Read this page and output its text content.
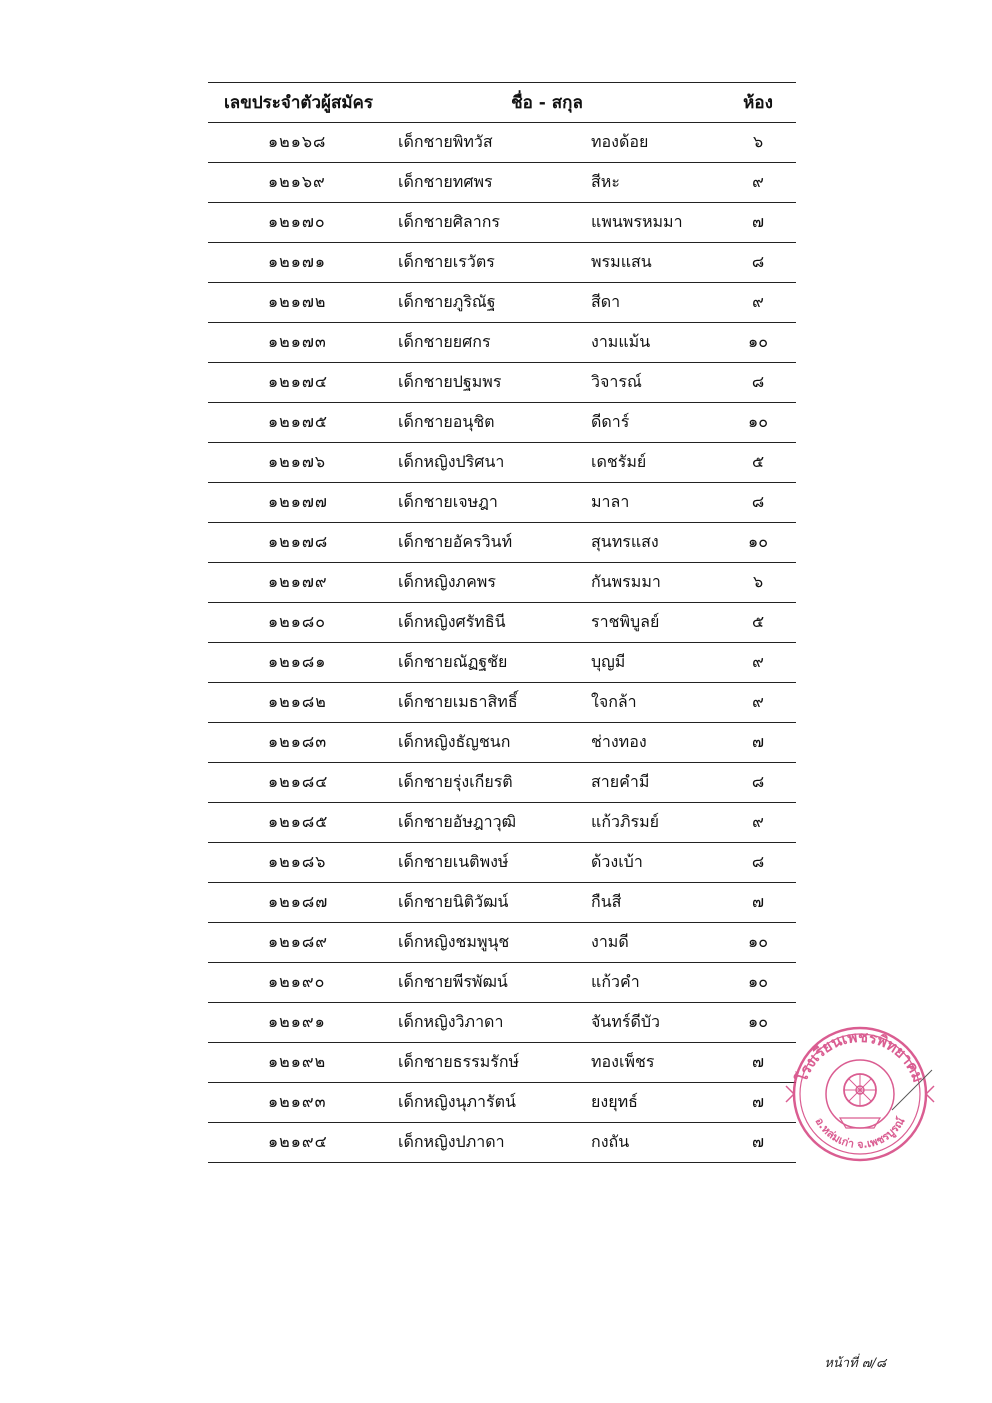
เลขประจำตัวผู้สมัคร	ชื่อ - สกุล		ห้อง
๑๒๑๖๘	เด็กชายพิทวัส	ทองด้อย	๖
๑๒๑๖๙	เด็กชายทศพร	สีหะ	๙
๑๒๑๗๐	เด็กชายศิลากร	แพนพรหมมา	๗
๑๒๑๗๑	เด็กชายเรวัตร	พรมแสน	๘
๑๒๑๗๒	เด็กชายภูริณัฐ	สีดา	๙
๑๒๑๗๓	เด็กชายยศกร	งามแม้น	๑๐
๑๒๑๗๔	เด็กชายปฐมพร	วิจารณ์	๘
๑๒๑๗๕	เด็กชายอนุชิต	ดีดาร์	๑๐
๑๒๑๗๖	เด็กหญิงปริศนา	เดชรัมย์	๕
๑๒๑๗๗	เด็กชายเจษฎา	มาลา	๘
๑๒๑๗๘	เด็กชายอัครวินท์	สุนทรแสง	๑๐
๑๒๑๗๙	เด็กหญิงภคพร	กันพรมมา	๖
๑๒๑๘๐	เด็กหญิงศรัทธินี	ราชพิบูลย์	๕
๑๒๑๘๑	เด็กชายณัฏฐชัย	บุญมี	๙
๑๒๑๘๒	เด็กชายเมธาสิทธิ์	ใจกล้า	๙
๑๒๑๘๓	เด็กหญิงธัญชนก	ช่างทอง	๗
๑๒๑๘๔	เด็กชายรุ่งเกียรติ	สายคำมี	๘
๑๒๑๘๕	เด็กชายอัษฎาวุฒิ	แก้วภิรมย์	๙
๑๒๑๘๖	เด็กชายเนติพงษ์	ด้วงเบ้า	๘
๑๒๑๘๗	เด็กชายนิติวัฒน์	กืนสี	๗
๑๒๑๘๙	เด็กหญิงชมพูนุช	งามดี	๑๐
๑๒๑๙๐	เด็กชายพีรพัฒน์	แก้วคำ	๑๐
๑๒๑๙๑	เด็กหญิงวิภาดา	จันทร์ดีบัว	๑๐
๑๒๑๙๒	เด็กชายธรรมรักษ์	ทองเพ็ชร	๗
๑๒๑๙๓	เด็กหญิงนุภารัตน์	ยงยุทธ์	๗
๑๒๑๙๔	เด็กหญิงปภาดา	กงถัน	๗
โรงเรียนเพชรพิทยาคม
อ.หล่มเก่า จ.เพชรบูรณ์
หน้าที่ ๗/๘
